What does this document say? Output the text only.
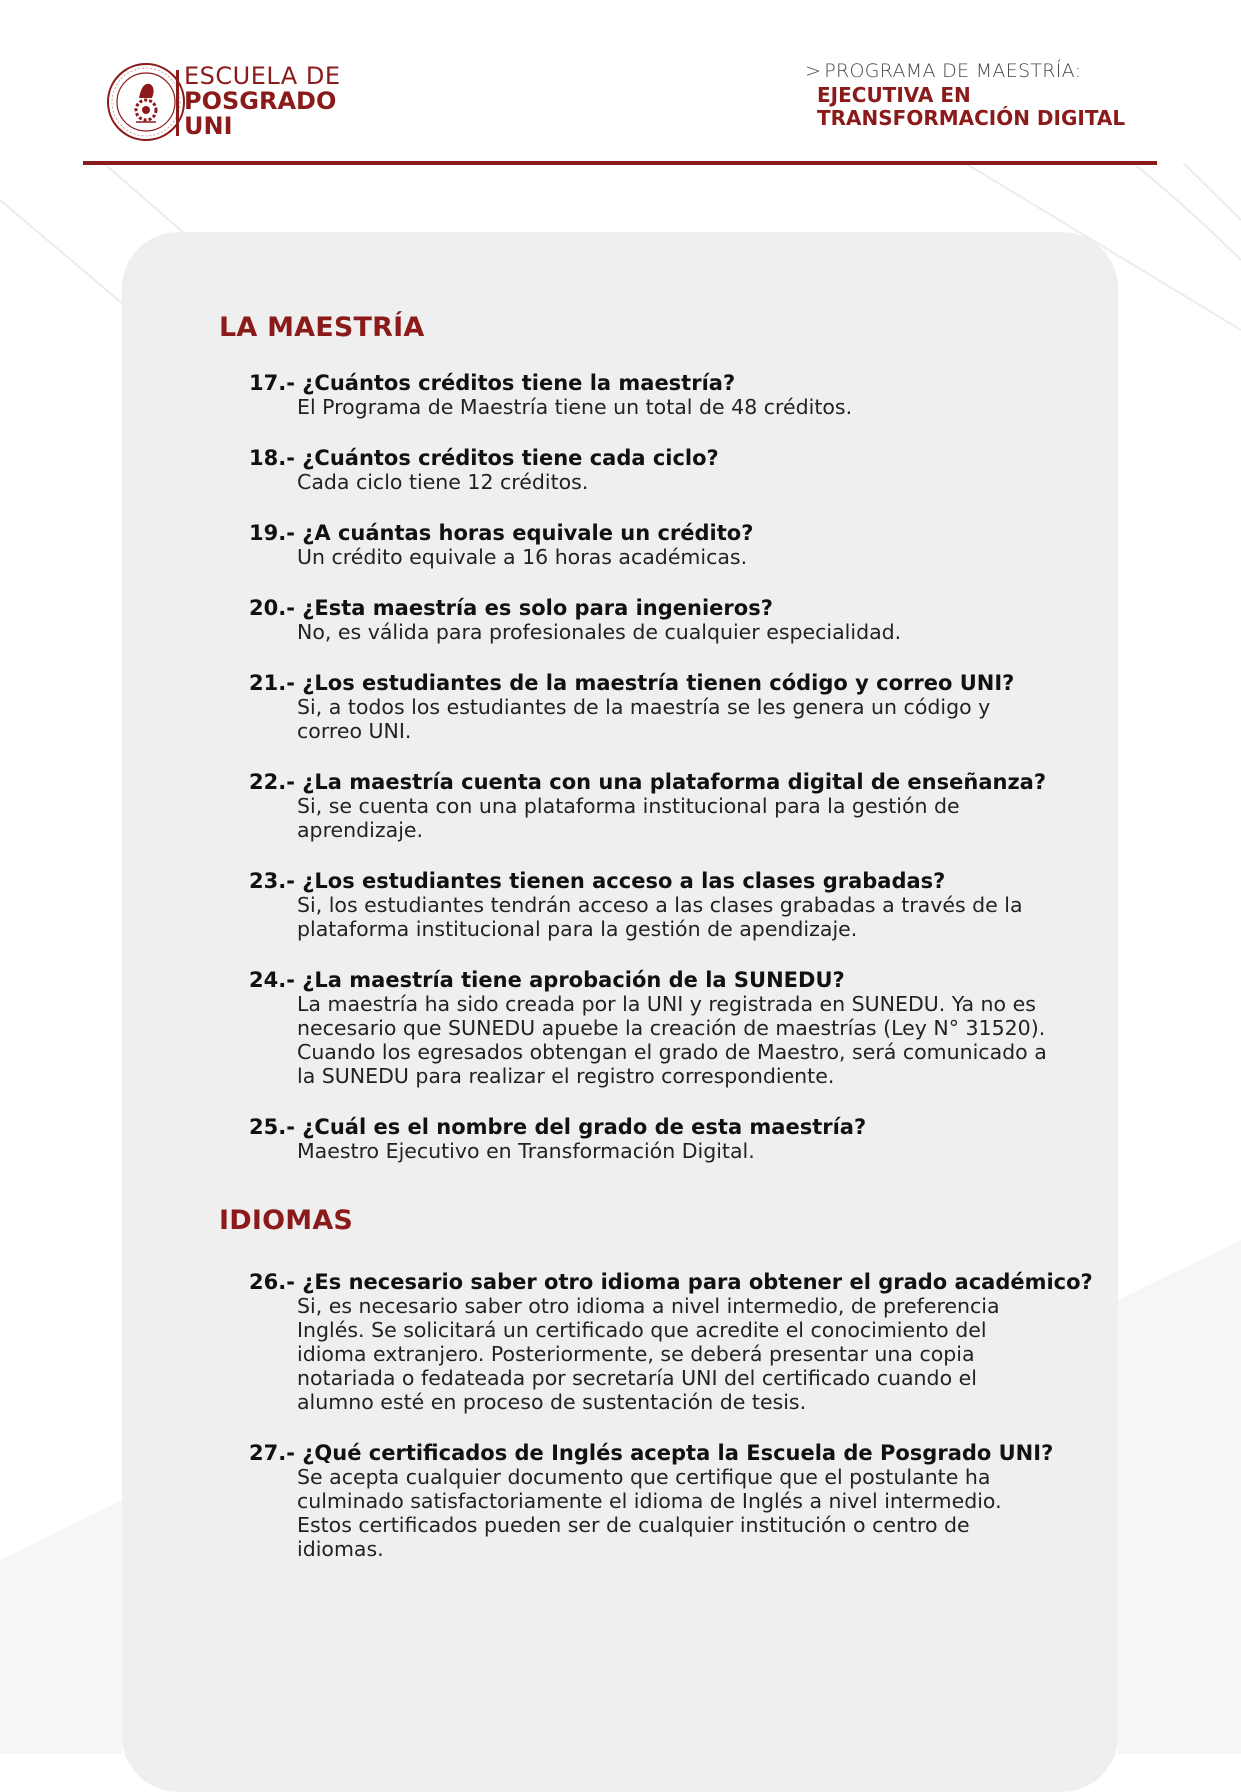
ESCUELA DE
POSGRADO
UNI
> PROGRAMA DE MAESTRÍA:
EJECUTIVA EN
TRANSFORMACIÓN DIGITAL
LA MAESTRÍA
17.- ¿Cuántos créditos tiene la maestría?
El Programa de Maestría tiene un total de 48 créditos.
18.- ¿Cuántos créditos tiene cada ciclo?
Cada ciclo tiene 12 créditos.
19.- ¿A cuántas horas equivale un crédito?
Un crédito equivale a 16 horas académicas.
20.- ¿Esta maestría es solo para ingenieros?
No, es válida para profesionales de cualquier especialidad.
21.- ¿Los estudiantes de la maestría tienen código y correo UNI?
Si, a todos los estudiantes de la maestría se les genera un código y correo UNI.
22.- ¿La maestría cuenta con una plataforma digital de enseñanza?
Si, se cuenta con una plataforma institucional para la gestión de aprendizaje.
23.- ¿Los estudiantes tienen acceso a las clases grabadas?
Si, los estudiantes tendrán acceso a las clases grabadas a través de la plataforma institucional para la gestión de apendizaje.
24.- ¿La maestría tiene aprobación de la SUNEDU?
La maestría ha sido creada por la UNI y registrada en SUNEDU. Ya no es necesario que SUNEDU apuebe la creación de maestrías (Ley N° 31520). Cuando los egresados obtengan el grado de Maestro, será comunicado a la SUNEDU para realizar el registro correspondiente.
25.- ¿Cuál es el nombre del grado de esta maestría?
Maestro Ejecutivo en Transformación Digital.
IDIOMAS
26.- ¿Es necesario saber otro idioma para obtener el grado académico?
Si, es necesario saber otro idioma a nivel intermedio, de preferencia Inglés. Se solicitará un certificado que acredite el conocimiento del idioma extranjero. Posteriormente, se deberá presentar una copia notariada o fedateada por secretaría UNI del certificado cuando el alumno esté en proceso de sustentación de tesis.
27.- ¿Qué certificados de Inglés acepta la Escuela de Posgrado UNI?
Se acepta cualquier documento que certifique que el postulante ha culminado satisfactoriamente el idioma de Inglés a nivel intermedio. Estos certificados pueden ser de cualquier institución o centro de idiomas.
